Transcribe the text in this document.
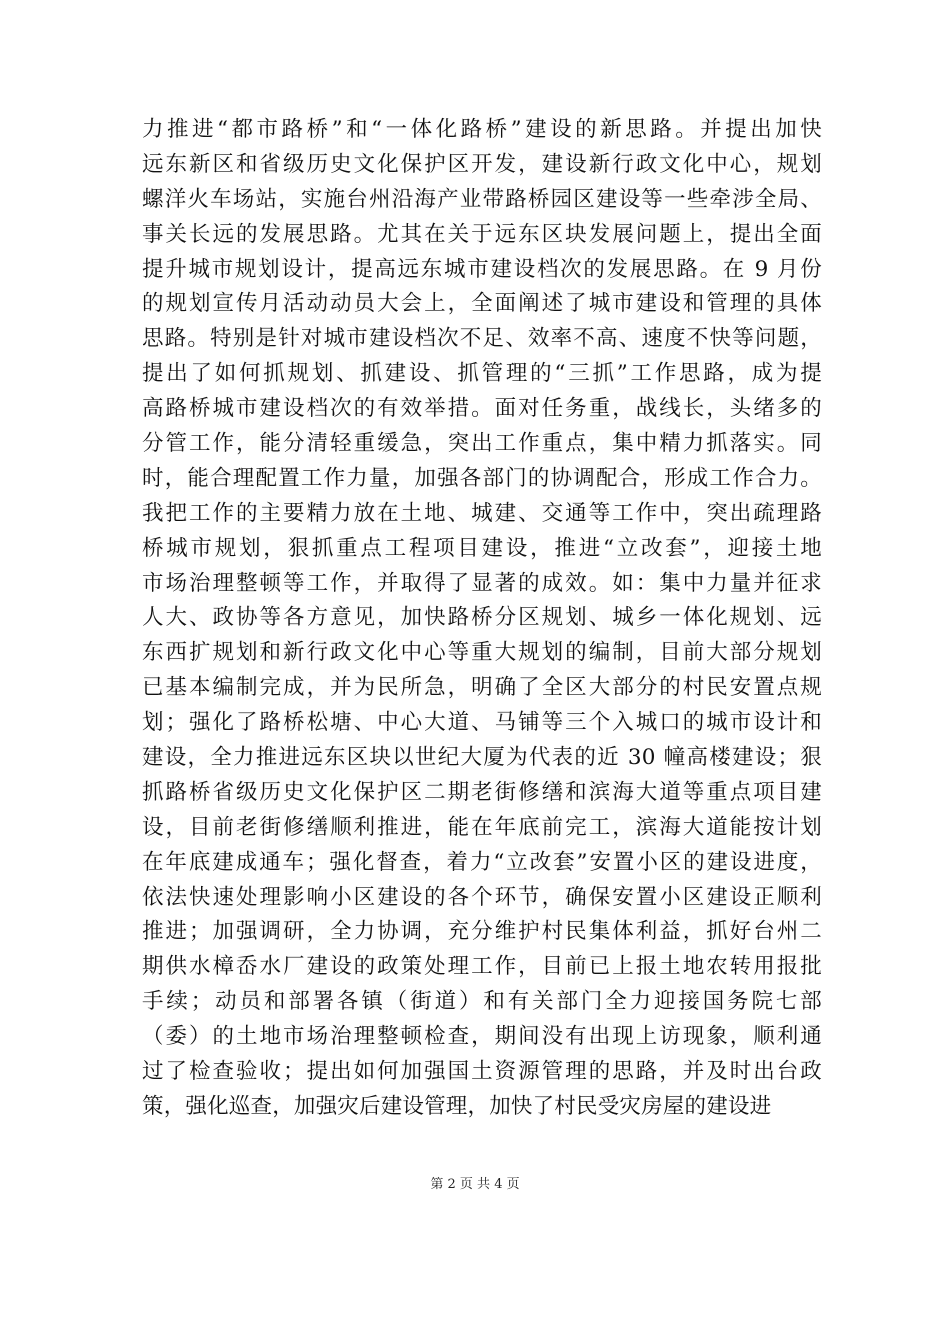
力推进“都市路桥”和“一体化路桥”建设的新思路。并提出加快
远东新区和省级历史文化保护区开发，建设新行政文化中心，规划
螺洋火车场站，实施台州沿海产业带路桥园区建设等一些牵涉全局、
事关长远的发展思路。尤其在关于远东区块发展问题上，提出全面
提升城市规划设计，提高远东城市建设档次的发展思路。在 9 月份
的规划宣传月活动动员大会上，全面阐述了城市建设和管理的具体
思路。特别是针对城市建设档次不足、效率不高、速度不快等问题，
提出了如何抓规划、抓建设、抓管理的“三抓”工作思路，成为提
高路桥城市建设档次的有效举措。面对任务重，战线长，头绪多的
分管工作，能分清轻重缓急，突出工作重点，集中精力抓落实。同
时，能合理配置工作力量，加强各部门的协调配合，形成工作合力。
我把工作的主要精力放在土地、城建、交通等工作中，突出疏理路
桥城市规划，狠抓重点工程项目建设，推进“立改套”，迎接土地
市场治理整顿等工作，并取得了显著的成效。如：集中力量并征求
人大、政协等各方意见，加快路桥分区规划、城乡一体化规划、远
东西扩规划和新行政文化中心等重大规划的编制，目前大部分规划
已基本编制完成，并为民所急，明确了全区大部分的村民安置点规
划；强化了路桥松塘、中心大道、马铺等三个入城口的城市设计和
建设，全力推进远东区块以世纪大厦为代表的近 30 幢高楼建设；狠
抓路桥省级历史文化保护区二期老街修缮和滨海大道等重点项目建
设，目前老街修缮顺利推进，能在年底前完工，滨海大道能按计划
在年底建成通车；强化督查，着力“立改套”安置小区的建设进度，
依法快速处理影响小区建设的各个环节，确保安置小区建设正顺利
推进；加强调研，全力协调，充分维护村民集体利益，抓好台州二
期供水樟岙水厂建设的政策处理工作，目前已上报土地农转用报批
手续；动员和部署各镇（街道）和有关部门全力迎接国务院七部
（委）的土地市场治理整顿检查，期间没有出现上访现象，顺利通
过了检查验收；提出如何加强国土资源管理的思路，并及时出台政
策，强化巡查，加强灾后建设管理，加快了村民受灾房屋的建设进
第 2 页 共 4 页
